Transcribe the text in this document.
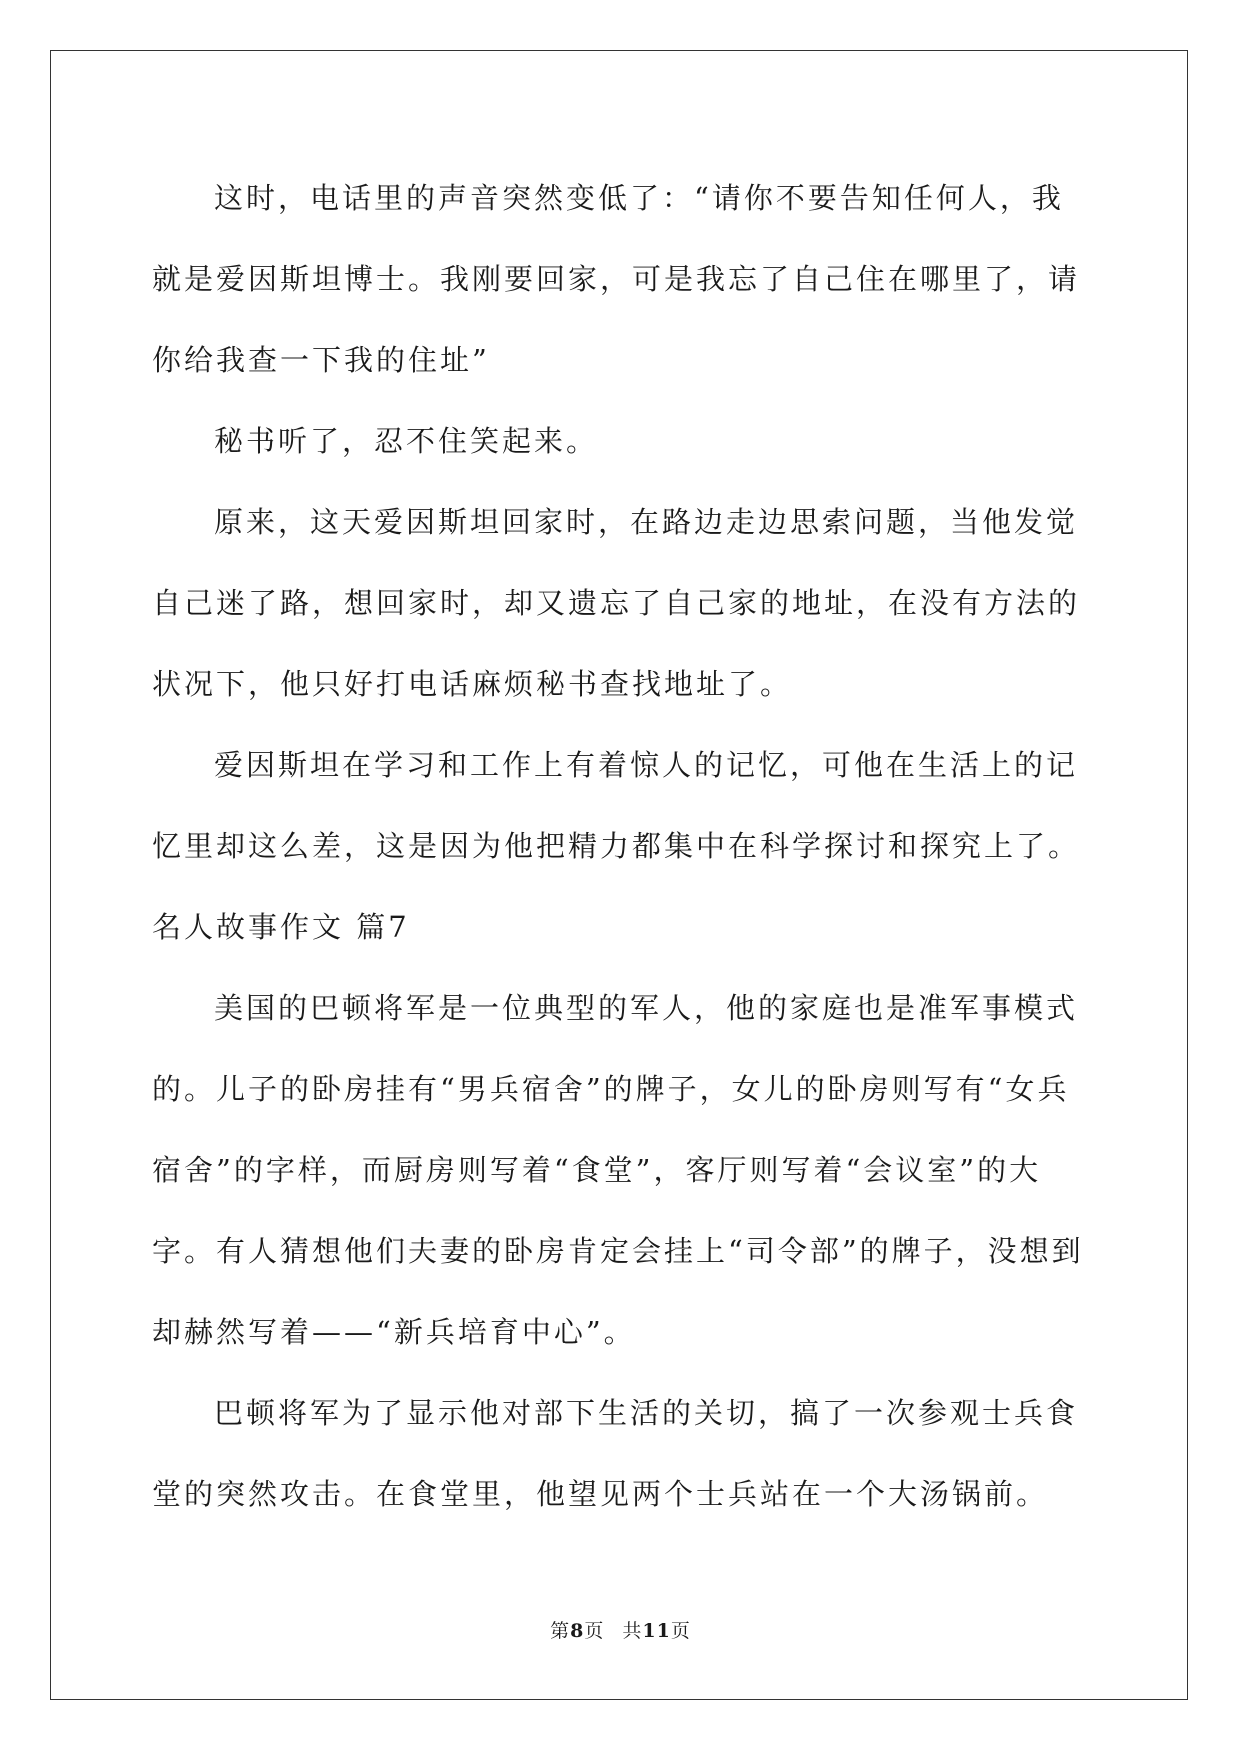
这时，电话里的声音突然变低了：“请你不要告知任何人，我就是爱因斯坦博士。我刚要回家，可是我忘了自己住在哪里了，请你给我查一下我的住址”

秘书听了，忍不住笑起来。

原来，这天爱因斯坦回家时，在路边走边思索问题，当他发觉自己迷了路，想回家时，却又遗忘了自己家的地址，在没有方法的状况下，他只好打电话麻烦秘书查找地址了。

爱因斯坦在学习和工作上有着惊人的记忆，可他在生活上的记忆里却这么差，这是因为他把精力都集中在科学探讨和探究上了。

名人故事作文 篇7

美国的巴顿将军是一位典型的军人，他的家庭也是准军事模式的。儿子的卧房挂有“男兵宿舍”的牌子，女儿的卧房则写有“女兵宿舍”的字样，而厨房则写着“食堂”，客厅则写着“会议室”的大字。有人猜想他们夫妻的卧房肯定会挂上“司令部”的牌子，没想到却赫然写着——“新兵培育中心”。

巴顿将军为了显示他对部下生活的关切，搞了一次参观士兵食堂的突然攻击。在食堂里，他望见两个士兵站在一个大汤锅前。

第8页 共11页
